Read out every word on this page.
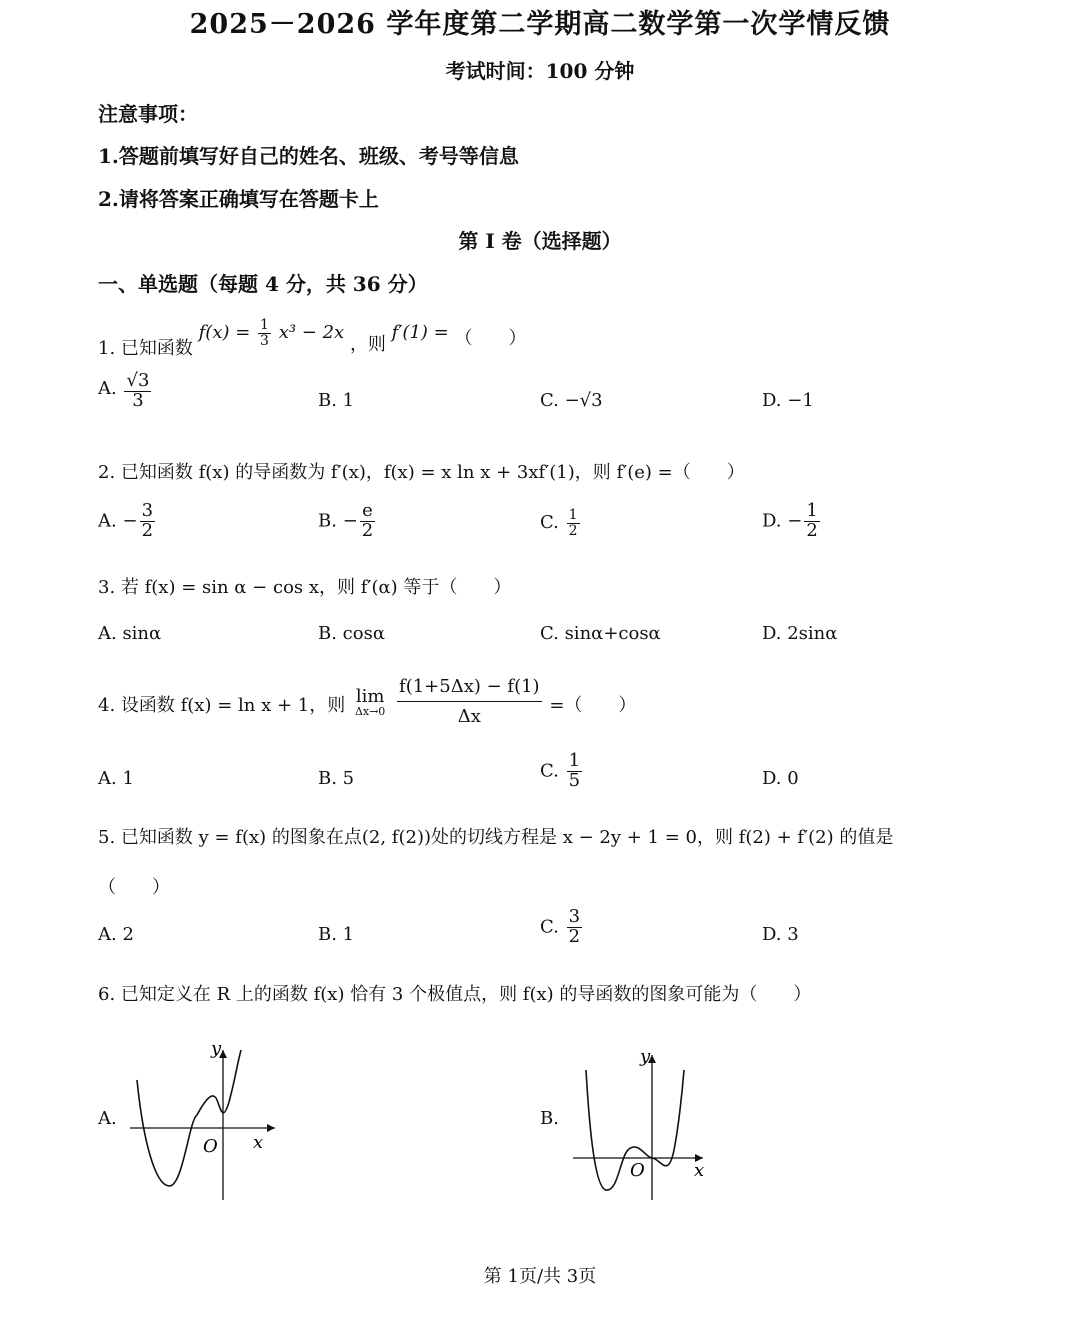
2025－2026 学年度第二学期高二数学第一次学情反馈
考试时间：100 分钟
注意事项：
1.答题前填写好自己的姓名、班级、考号等信息
2.请将答案正确填写在答题卡上
第 I 卷（选择题）
一、单选题（每题 4 分，共 36 分）
1. 已知函数 $f(x) = \frac{1}{3} x^3 - 2x$ ，则 f′(1) = （　　）
A. $\frac{√3}{3}$	B. 1	C. −√3	D. −1
2. 已知函数 f(x) 的导函数为 f′(x)，f(x) = x ln x + 3xf′(1)，则 f′(e) =（　　）
A. − $\frac{3}{2}$	B. − $\frac{e}{2}$	C. $\frac{1}{2}$	D. − $\frac{1}{2}$
3. 若 f(x) = sin α − cos x，则 f′(α) 等于（　　）
A. sinα	B. cosα	C. sinα+cosα	D. 2sinα
4. 设函数 f(x) = ln x + 1，则 lim
Δx→0
$\frac{f(1+5\Delta x) - f(1)}{\Delta x}$ =（　　）
A. 1	B. 5	C. $\frac{1}{5}$	D. 0
5. 已知函数 y = f(x) 的图象在点(2, f(2))处的切线方程是 x − 2y + 1 = 0，则 f(2) + f′(2) 的值是
（　　）
A. 2	B. 1	C. $\frac{3}{2}$	D. 3
6. 已知定义在 R 上的函数 f(x) 恰有 3 个极值点，则 f(x) 的导函数的图象可能为（　　）
A.
y
x
O
B.
y
x
O
第 1页/共 3页
